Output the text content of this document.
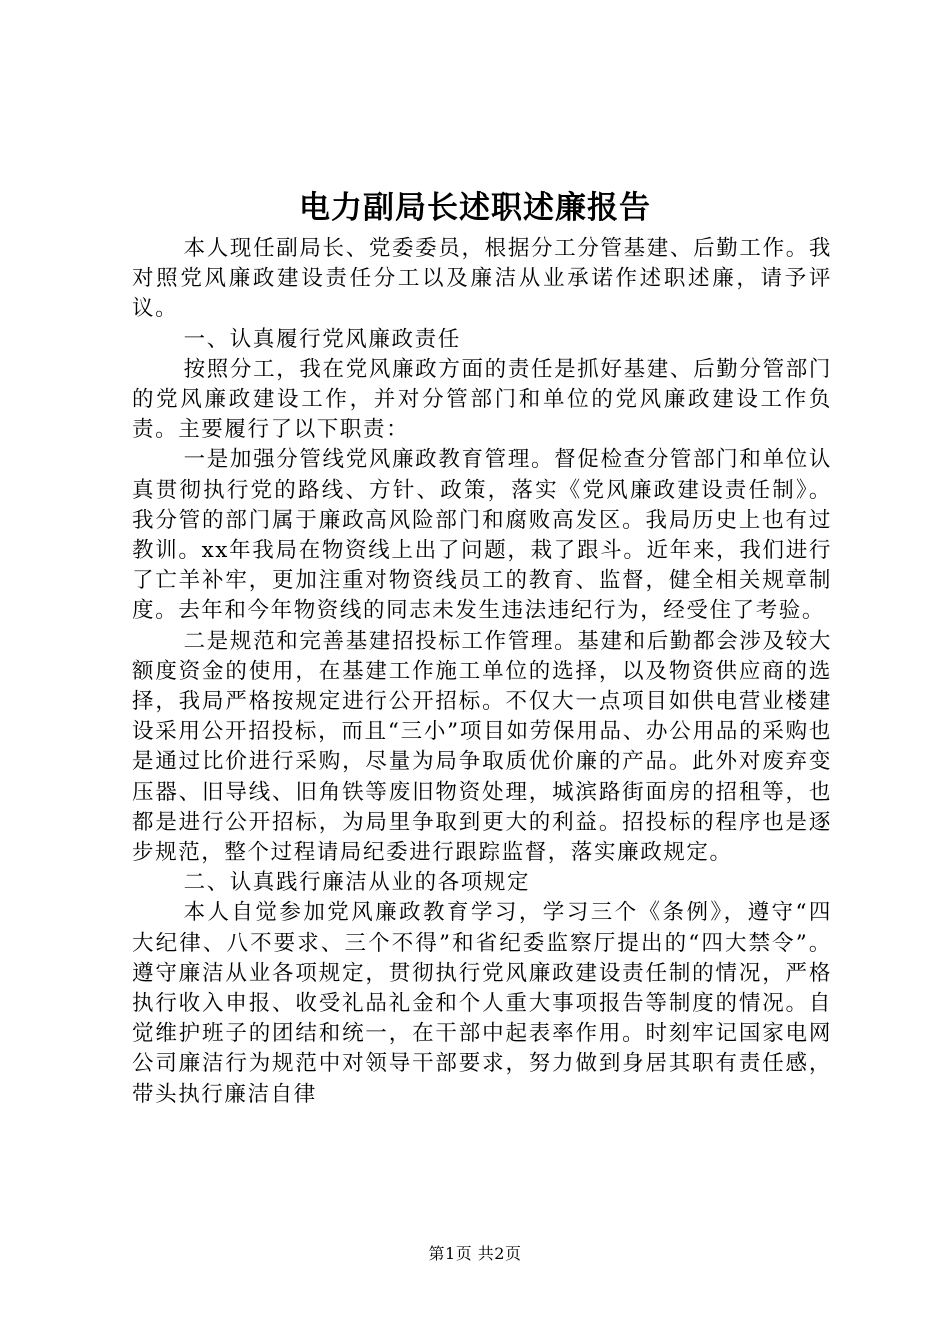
电力副局长述职述廉报告

本人现任副局长、党委委员，根据分工分管基建、后勤工作。我对照党风廉政建设责任分工以及廉洁从业承诺作述职述廉，请予评议。

一、认真履行党风廉政责任

按照分工，我在党风廉政方面的责任是抓好基建、后勤分管部门的党风廉政建设工作，并对分管部门和单位的党风廉政建设工作负责。主要履行了以下职责：

一是加强分管线党风廉政教育管理。督促检查分管部门和单位认真贯彻执行党的路线、方针、政策，落实《党风廉政建设责任制》。我分管的部门属于廉政高风险部门和腐败高发区。我局历史上也有过教训。xx年我局在物资线上出了问题，栽了跟斗。近年来，我们进行了亡羊补牢，更加注重对物资线员工的教育、监督，健全相关规章制度。去年和今年物资线的同志未发生违法违纪行为，经受住了考验。

二是规范和完善基建招投标工作管理。基建和后勤都会涉及较大额度资金的使用，在基建工作施工单位的选择，以及物资供应商的选择，我局严格按规定进行公开招标。不仅大一点项目如供电营业楼建设采用公开招投标，而且“三小”项目如劳保用品、办公用品的采购也是通过比价进行采购，尽量为局争取质优价廉的产品。此外对废弃变压器、旧导线、旧角铁等废旧物资处理，城滨路街面房的招租等，也都是进行公开招标，为局里争取到更大的利益。招投标的程序也是逐步规范，整个过程请局纪委进行跟踪监督，落实廉政规定。

二、认真践行廉洁从业的各项规定

本人自觉参加党风廉政教育学习，学习三个《条例》，遵守“四大纪律、八不要求、三个不得”和省纪委监察厅提出的“四大禁令”。遵守廉洁从业各项规定，贯彻执行党风廉政建设责任制的情况，严格执行收入申报、收受礼品礼金和个人重大事项报告等制度的情况。自觉维护班子的团结和统一，在干部中起表率作用。时刻牢记国家电网公司廉洁行为规范中对领导干部要求，努力做到身居其职有责任感，带头执行廉洁自律

第1页 共2页
